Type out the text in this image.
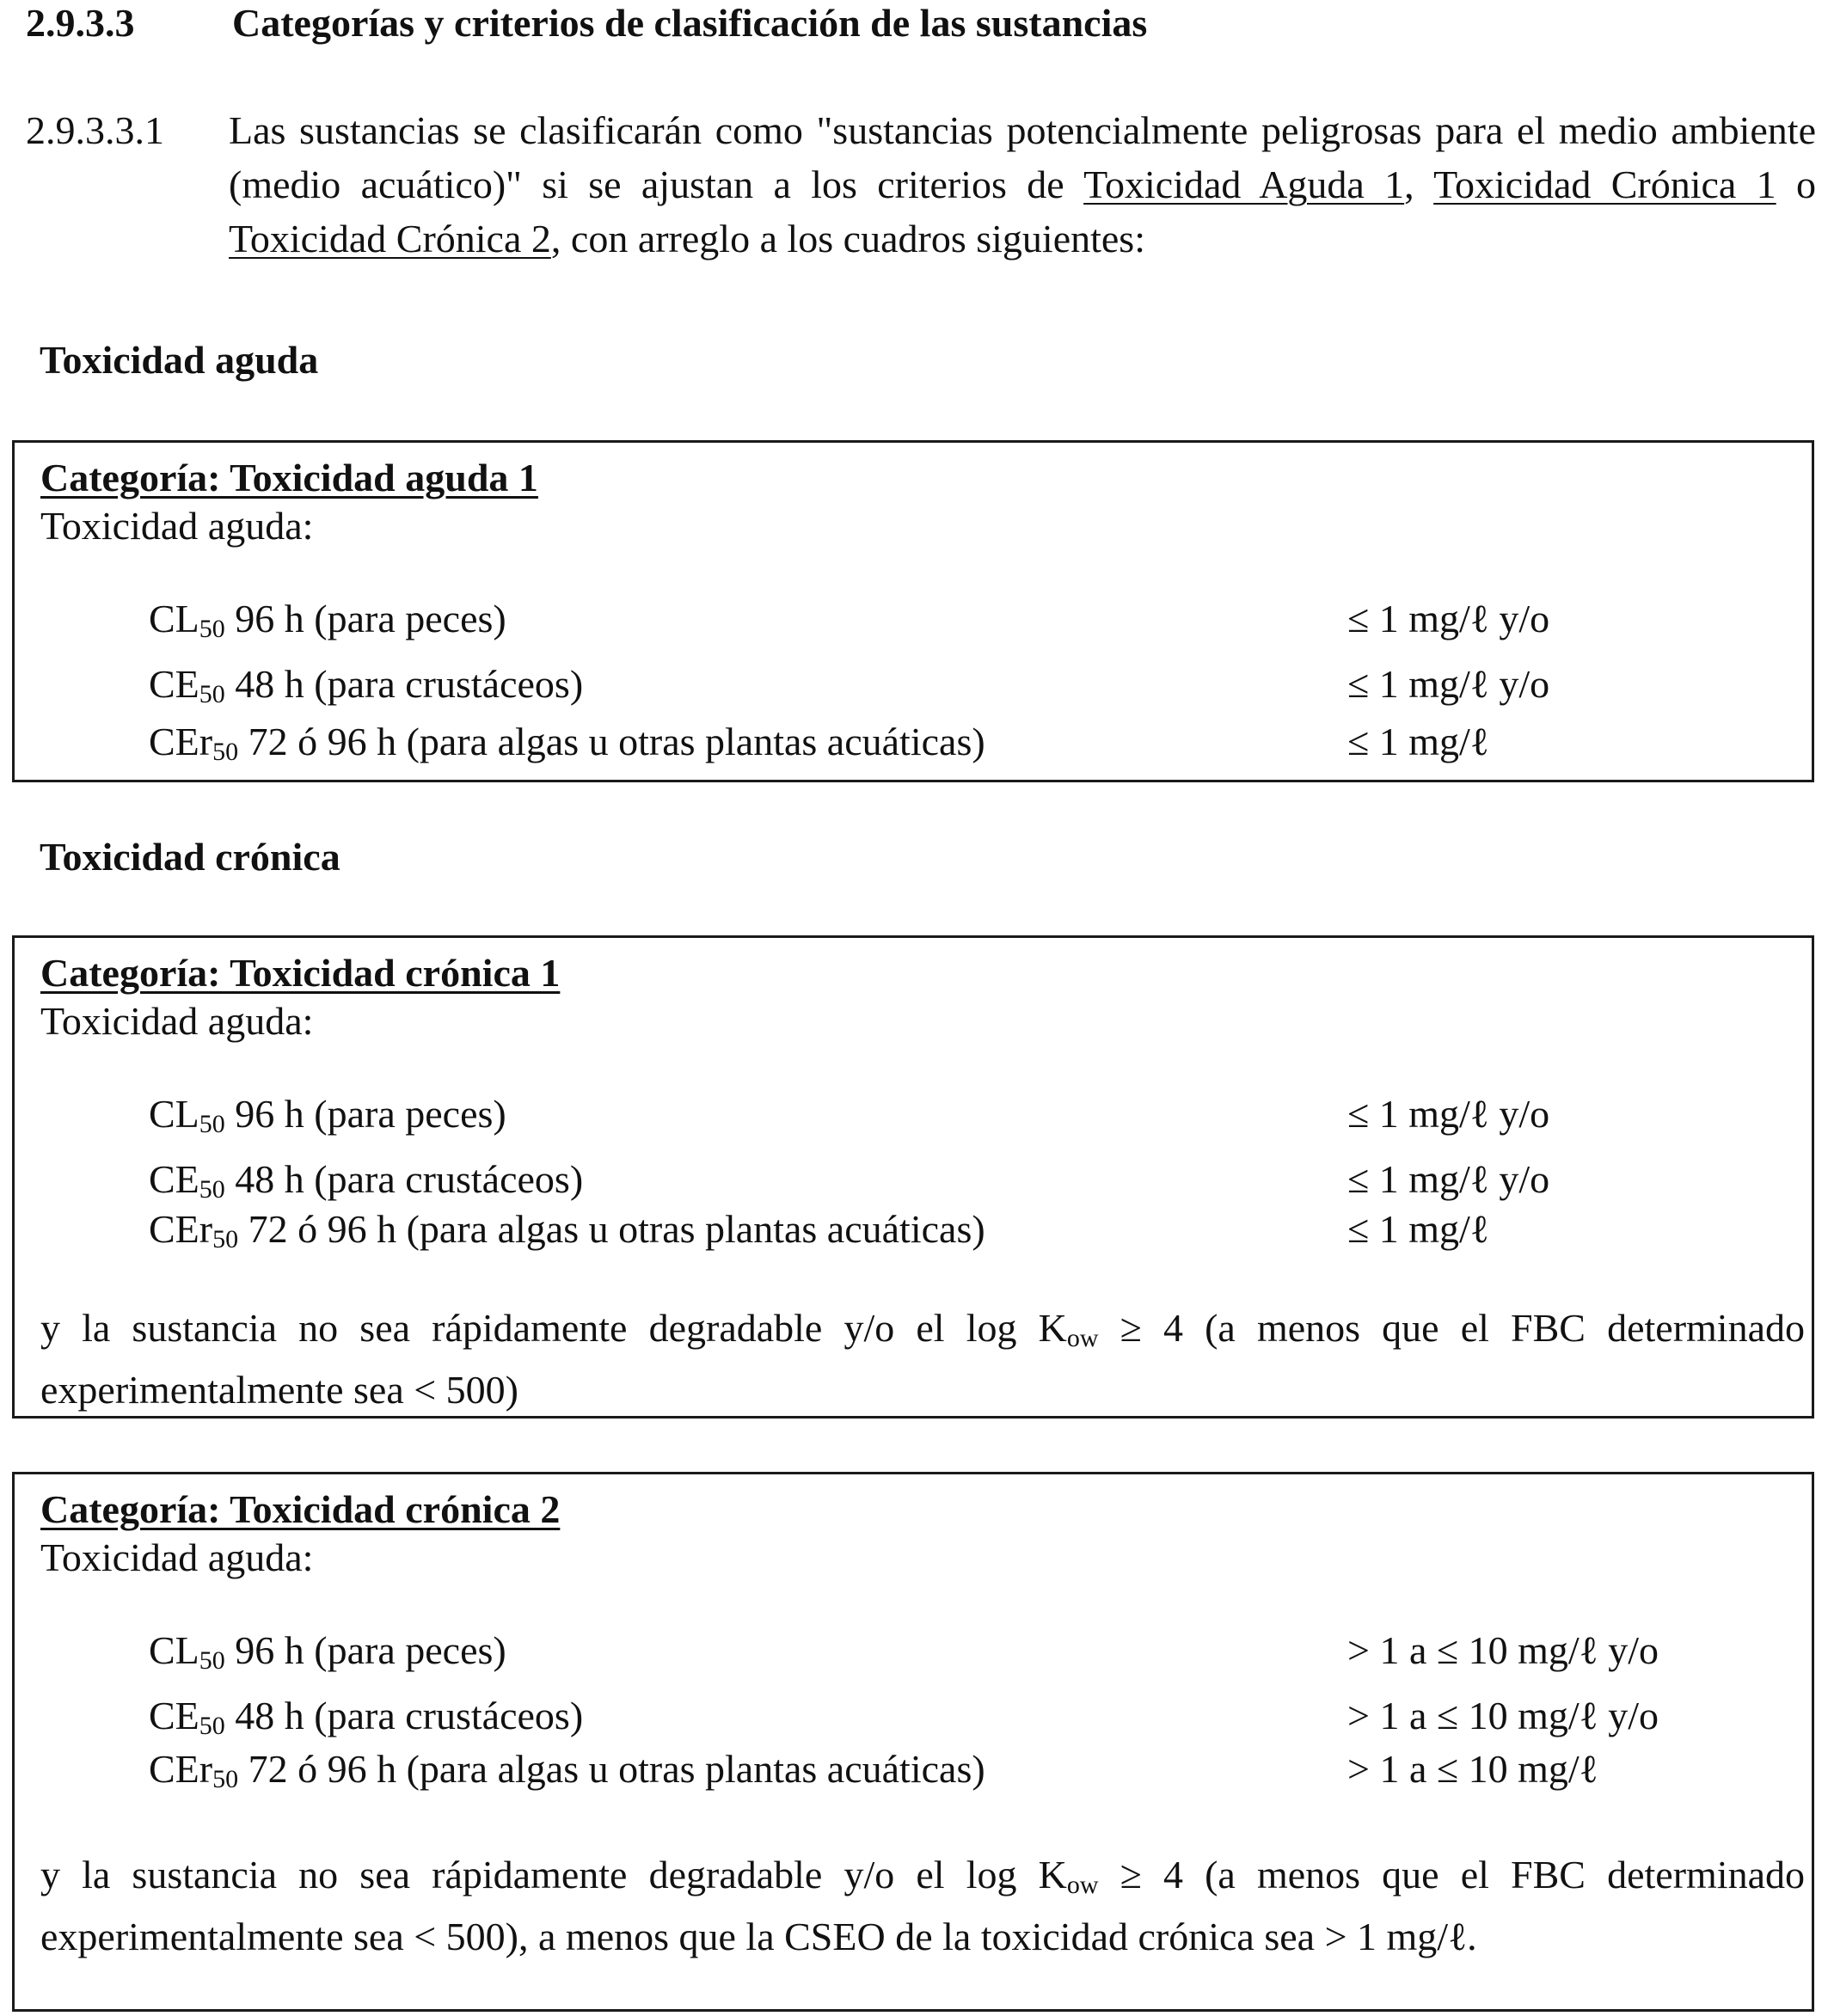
2.9.3.3 Categorías y criterios de clasificación de las sustancias
2.9.3.3.1 Las sustancias se clasificarán como "sustancias potencialmente peligrosas para el medio ambiente (medio acuático)" si se ajustan a los criterios de Toxicidad Aguda 1, Toxicidad Crónica 1 o Toxicidad Crónica 2, con arreglo a los cuadros siguientes:
Toxicidad aguda
Categoría: Toxicidad aguda 1
Toxicidad aguda:
$CL_{50}$ 96 h (para peces)	≤ 1 mg/ℓ y/o
$CE_{50}$ 48 h (para crustáceos)	≤ 1 mg/ℓ y/o
CEr$_{50}$ 72 ó 96 h (para algas u otras plantas acuáticas)	≤ 1 mg/ℓ
Toxicidad crónica
Categoría: Toxicidad crónica 1
Toxicidad aguda:
$CL_{50}$ 96 h (para peces)	≤ 1 mg/ℓ y/o
$CE_{50}$ 48 h (para crustáceos)	≤ 1 mg/ℓ y/o
CEr$_{50}$ 72 ó 96 h (para algas u otras plantas acuáticas)	≤ 1 mg/ℓ
y la sustancia no sea rápidamente degradable y/o el $\log K_{ow} \ge 4$ (a menos que el FBC determinado experimentalmente sea < 500)
Categoría: Toxicidad crónica 2
Toxicidad aguda:
$CL_{50}$ 96 h (para peces)	> 1 a ≤ 10 mg/ℓ y/o
$CE_{50}$ 48 h (para crustáceos)	> 1 a ≤ 10 mg/ℓ y/o
CEr$_{50}$ 72 ó 96 h (para algas u otras plantas acuáticas)	> 1 a ≤ 10 mg/ℓ
y la sustancia no sea rápidamente degradable y/o el $\log K_{ow} \ge 4$ (a menos que el FBC determinado experimentalmente sea < 500), a menos que la CSEO de la toxicidad crónica sea > 1 mg/ℓ.
